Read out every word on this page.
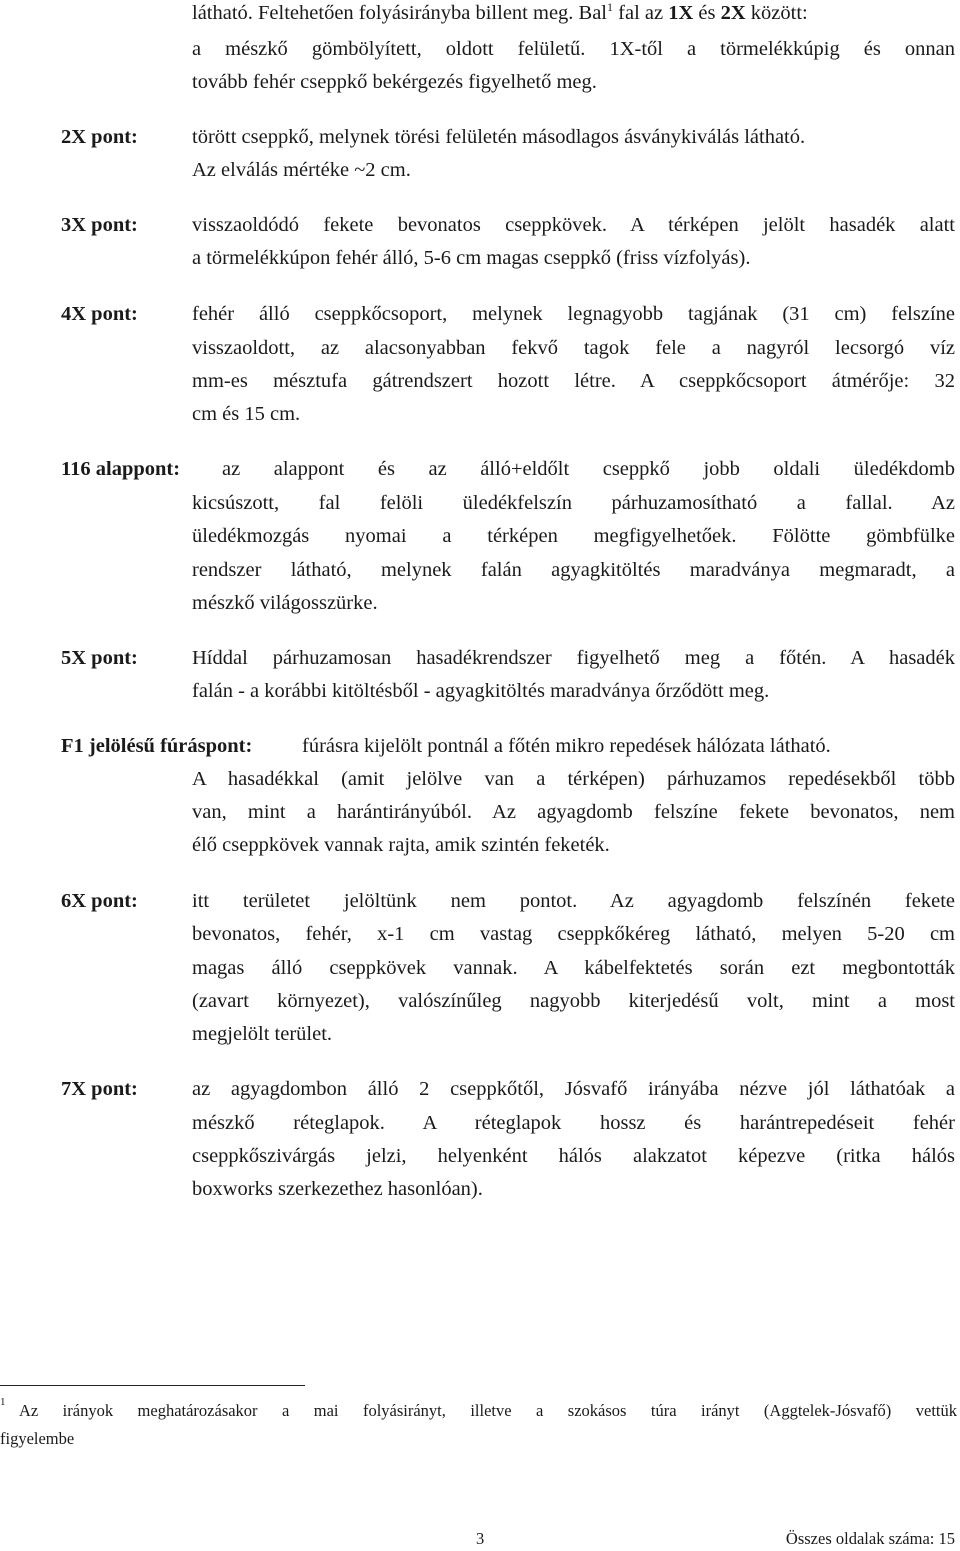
látható. Feltehetően folyásirányba billent meg. Bal$^1$ fal az 1X és 2X között:
a mészkő gömbölyített, oldott felületű. 1X-től a törmelékkúpig és onnan
tovább fehér cseppkő bekérgezés figyelhető meg.
2X pont:	törött cseppkő, melynek törési felületén másodlagos ásványkiválás látható.
Az elválás mértéke ~2 cm.
3X pont:	visszaoldódó fekete bevonatos cseppkövek. A térképen jelölt hasadék alatt
a törmelékkúpon fehér álló, 5-6 cm magas cseppkő (friss vízfolyás).
4X pont:	fehér álló cseppkőcsoport, melynek legnagyobb tagjának (31 cm) felszíne
visszaoldott, az alacsonyabban fekvő tagok fele a nagyról lecsorgó víz
mm-es mésztufa gátrendszert hozott létre. A cseppkőcsoport átmérője: 32
cm és 15 cm.
116 alappont: az alappont és az álló+eldőlt cseppkő jobb oldali üledékdomb
kicsúszott, fal felöli üledékfelszín párhuzamosítható a fallal. Az
üledékmozgás nyomai a térképen megfigyelhetőek. Fölötte gömbfülke
rendszer látható, melynek falán agyagkitöltés maradványa megmaradt, a
mészkő világosszürke.
5X pont:	Híddal párhuzamosan hasadékrendszer figyelhető meg a főtén. A hasadék
falán - a korábbi kitöltésből - agyagkitöltés maradványa őrződött meg.
F1 jelölésű fúráspont: fúrásra kijelölt pontnál a főtén mikro repedések hálózata látható.
A hasadékkal (amit jelölve van a térképen) párhuzamos repedésekből több
van, mint a harántirányúból. Az agyagdomb felszíne fekete bevonatos, nem
élő cseppkövek vannak rajta, amik szintén feketék.
6X pont:	itt területet jelöltünk nem pontot. Az agyagdomb felszínén fekete
bevonatos, fehér, x-1 cm vastag cseppkőkéreg látható, melyen 5-20 cm
magas álló cseppkövek vannak. A kábelfektetés során ezt megbontották
(zavart környezet), valószínűleg nagyobb kiterjedésű volt, mint a most
megjelölt terület.
7X pont:	az agyagdombon álló 2 cseppkőtől, Jósvafő irányába nézve jól láthatóak a
mészkő réteglapok. A réteglapok hossz és harántrepedéseit fehér
cseppkőszivárgás jelzi, helyenként hálós alakzatot képezve (ritka hálós
boxworks szerkezethez hasonlóan).
1 Az irányok meghatározásakor a mai folyásirányt, illetve a szokásos túra irányt (Aggtelek-Jósvafő) vettük
figyelembe
3	Összes oldalak száma: 15
